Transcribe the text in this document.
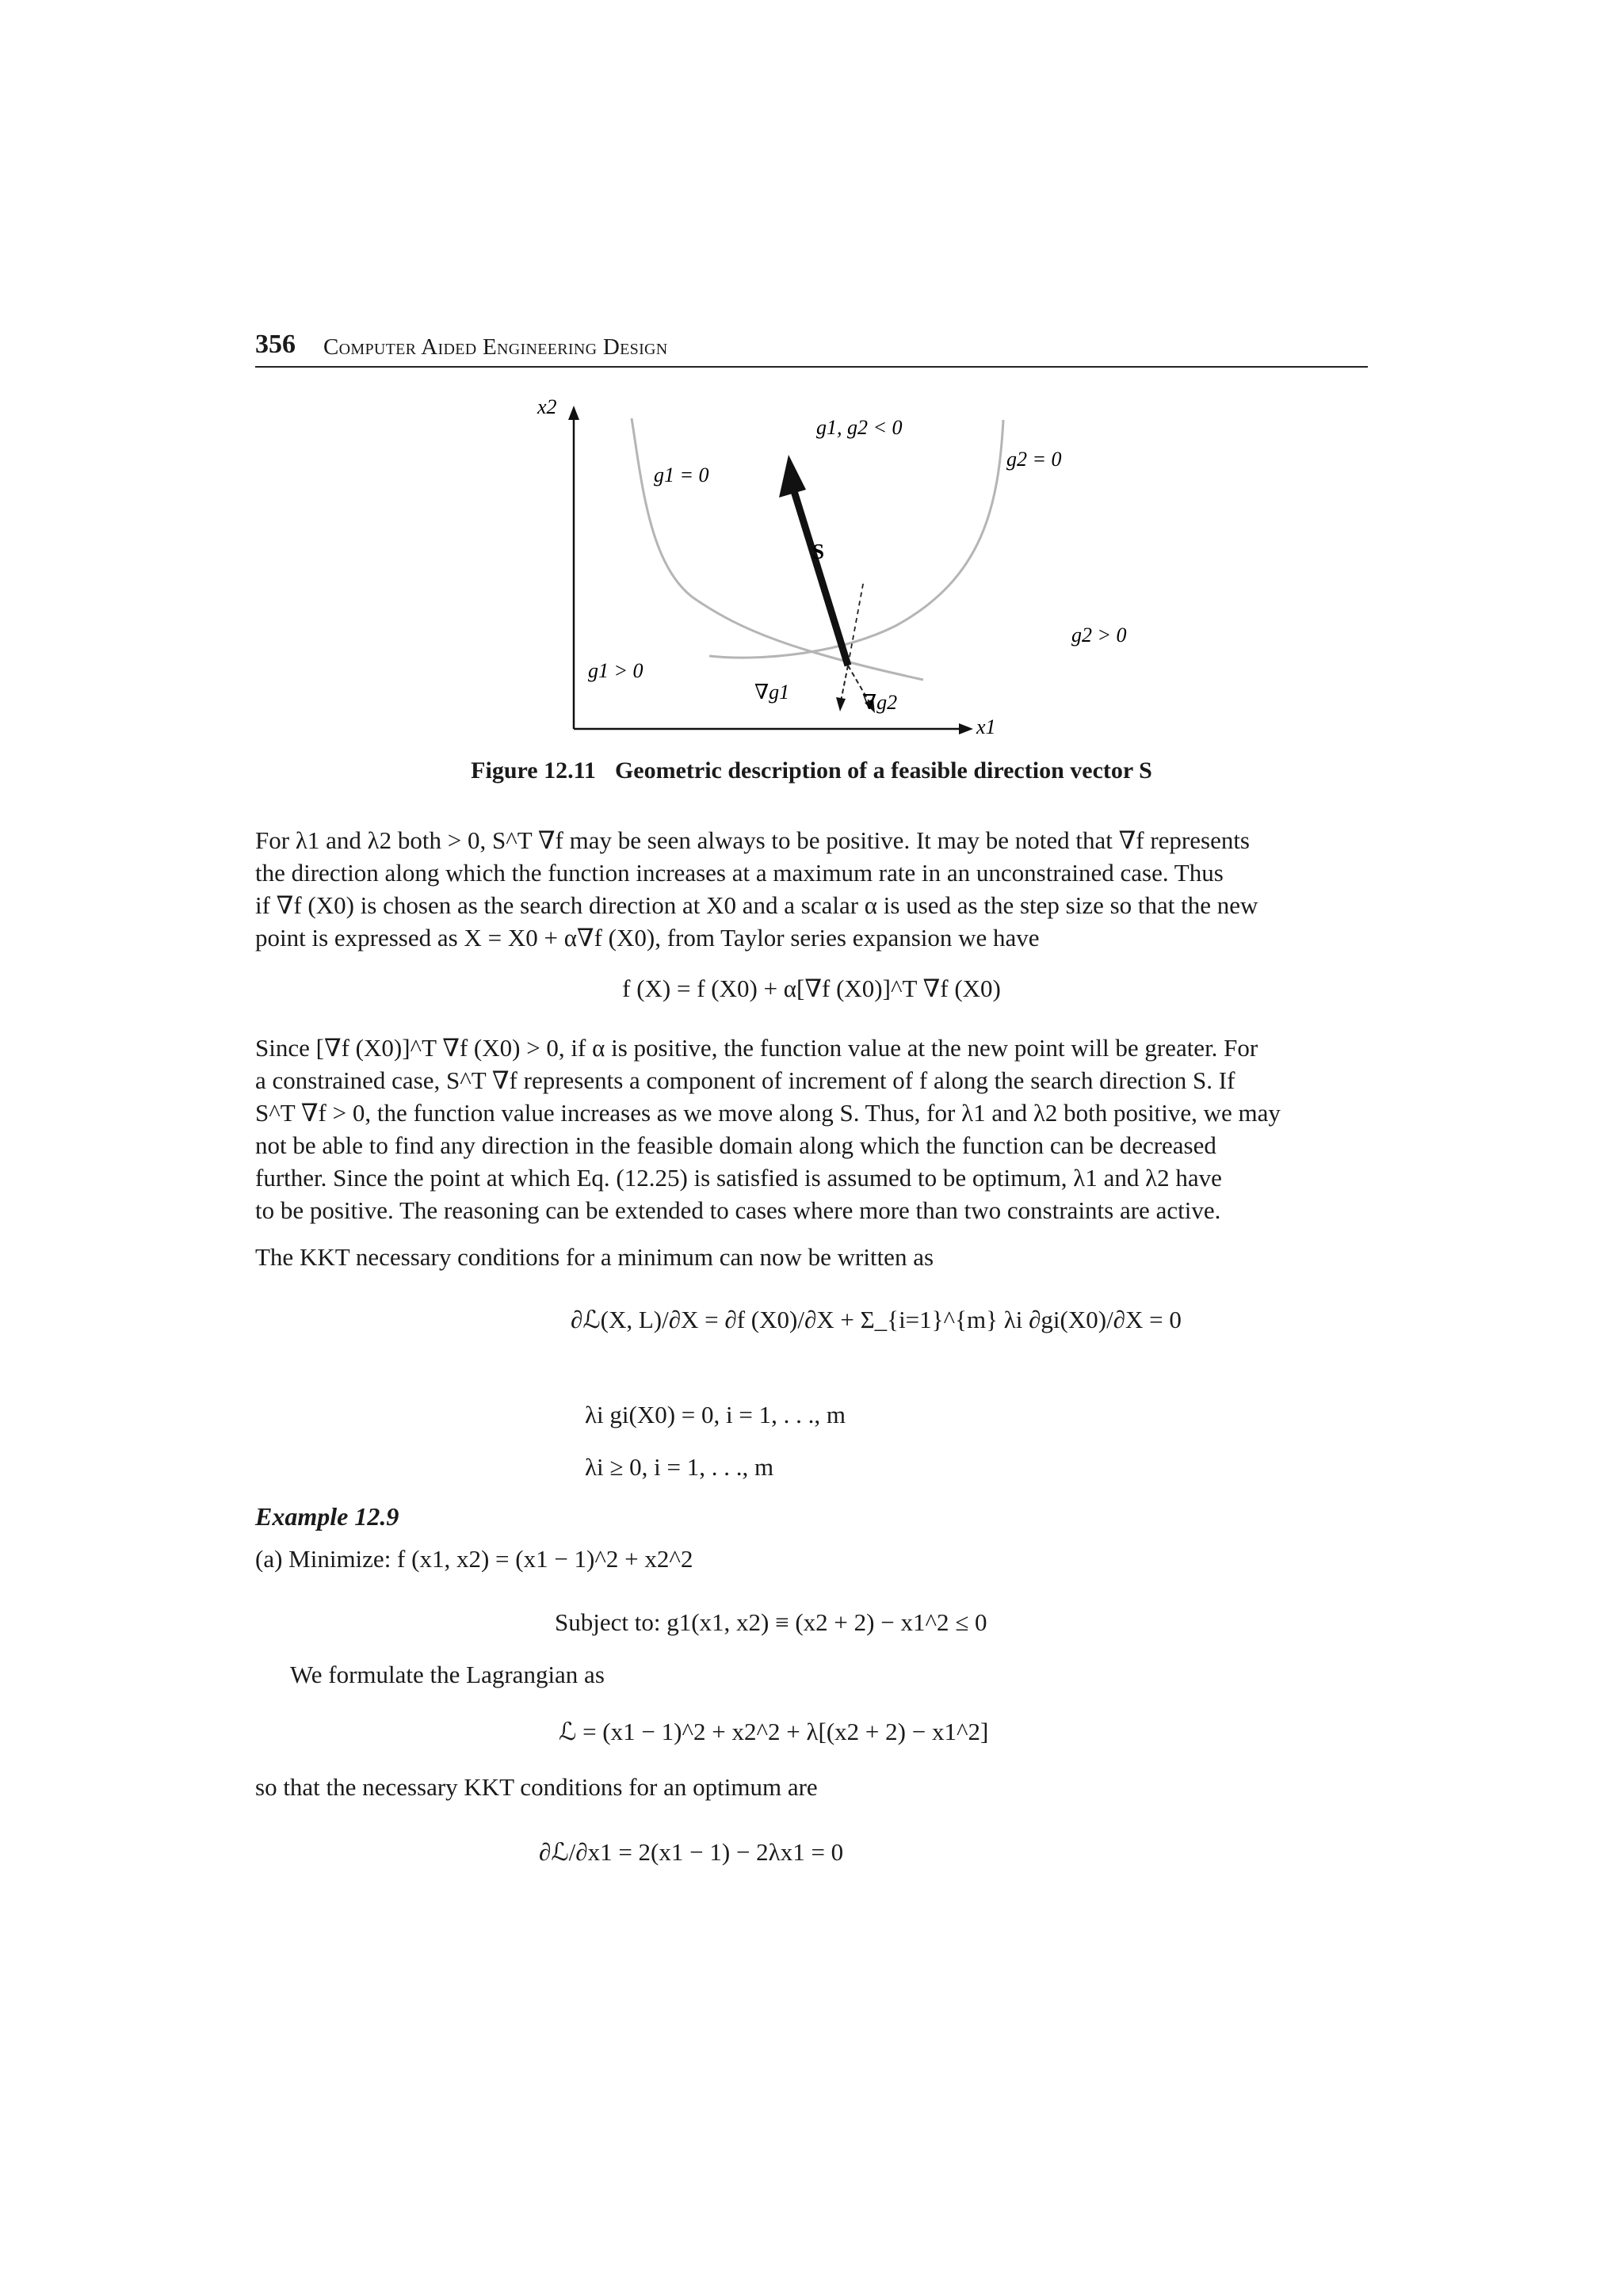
356 Computer Aided Engineering Design
x2
x1
g1, g2 < 0
g1 = 0
g2 = 0
S
g2 > 0
g1 > 0
∇g1	∇g2
Figure 12.11 Geometric description of a feasible direction vector S
For λ1 and λ2 both > 0, S^T ∇f may be seen always to be positive. It may be noted that ∇f represents
the direction along which the function increases at a maximum rate in an unconstrained case. Thus
if ∇f (X0) is chosen as the search direction at X0 and a scalar α is used as the step size so that the new
point is expressed as X = X0 + α∇f (X0), from Taylor series expansion we have
f (X) = f (X0) + α[∇f (X0)]^T ∇f (X0)
Since [∇f (X0)]^T ∇f (X0) > 0, if α is positive, the function value at the new point will be greater. For
a constrained case, S^T ∇f represents a component of increment of f along the search direction S. If
S^T ∇f > 0, the function value increases as we move along S. Thus, for λ1 and λ2 both positive, we may
not be able to find any direction in the feasible domain along which the function can be decreased
further. Since the point at which Eq. (12.25) is satisfied is assumed to be optimum, λ1 and λ2 have
to be positive. The reasoning can be extended to cases where more than two constraints are active.
The KKT necessary conditions for a minimum can now be written as
∂ℒ(X, L)/∂X = ∂f (X0)/∂X + Σ_{i=1}^{m} λi ∂gi(X0)/∂X = 0
λi gi(X0) = 0, i = 1, . . ., m
λi ≥ 0, i = 1, . . ., m
Example 12.9
(a) Minimize: f (x1, x2) = (x1 − 1)^2 + x2^2
Subject to: g1(x1, x2) ≡ (x2 + 2) − x1^2 ≤ 0
We formulate the Lagrangian as
ℒ = (x1 − 1)^2 + x2^2 + λ[(x2 + 2) − x1^2]
so that the necessary KKT conditions for an optimum are
∂ℒ/∂x1 = 2(x1 − 1) − 2λx1 = 0
